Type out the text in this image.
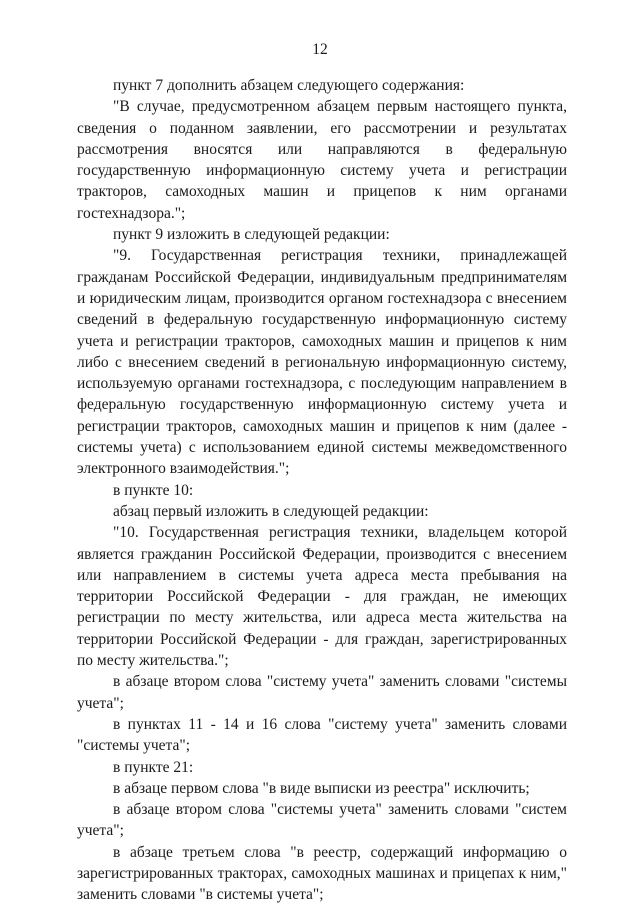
12

пункт 7 дополнить абзацем следующего содержания:

"В случае, предусмотренном абзацем первым настоящего пункта, сведения о поданном заявлении, его рассмотрении и результатах рассмотрения вносятся или направляются в федеральную государственную информационную систему учета и регистрации тракторов, самоходных машин и прицепов к ним органами гостехнадзора.";

пункт 9 изложить в следующей редакции:

"9. Государственная регистрация техники, принадлежащей гражданам Российской Федерации, индивидуальным предпринимателям и юридическим лицам, производится органом гостехнадзора с внесением сведений в федеральную государственную информационную систему учета и регистрации тракторов, самоходных машин и прицепов к ним либо с внесением сведений в региональную информационную систему, используемую органами гостехнадзора, с последующим направлением в федеральную государственную информационную систему учета и регистрации тракторов, самоходных машин и прицепов к ним (далее - системы учета) с использованием единой системы межведомственного электронного взаимодействия.";

в пункте 10:

абзац первый изложить в следующей редакции:

"10. Государственная регистрация техники, владельцем которой является гражданин Российской Федерации, производится с внесением или направлением в системы учета адреса места пребывания на территории Российской Федерации - для граждан, не имеющих регистрации по месту жительства, или адреса места жительства на территории Российской Федерации - для граждан, зарегистрированных по месту жительства.";

в абзаце втором слова "систему учета" заменить словами "системы учета";

в пунктах 11 - 14 и 16 слова "систему учета" заменить словами "системы учета";

в пункте 21:

в абзаце первом слова "в виде выписки из реестра" исключить;

в абзаце втором слова "системы учета" заменить словами "систем учета";

в абзаце третьем слова "в реестр, содержащий информацию о зарегистрированных тракторах, самоходных машинах и прицепах к ним," заменить словами "в системы учета";
